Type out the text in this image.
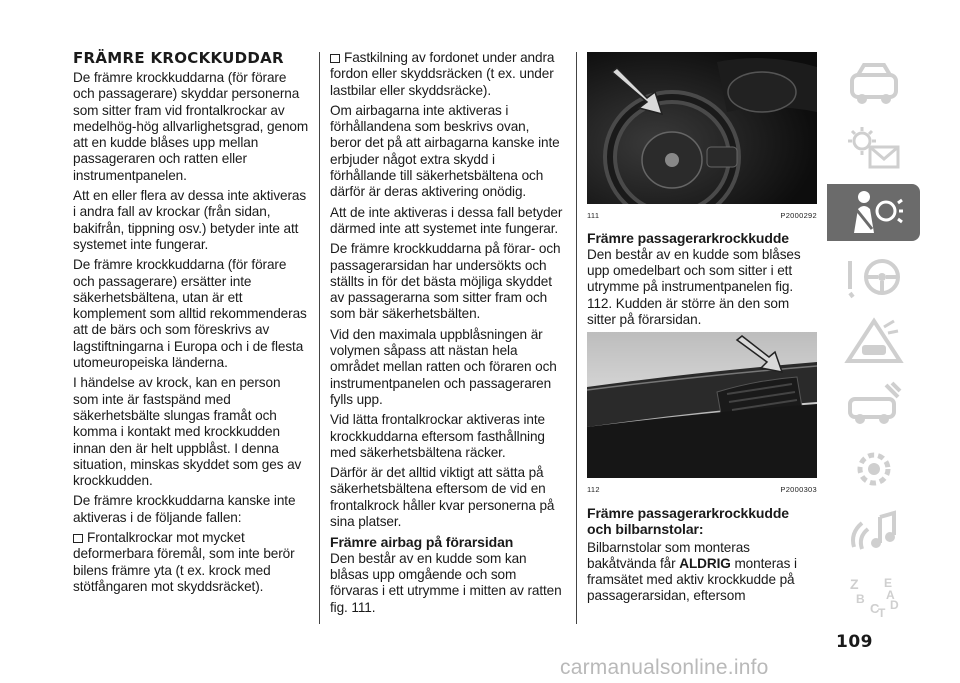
FRÄMRE KROCKKUDDAR

De främre krockkuddarna (för förare och passagerare) skyddar personerna som sitter fram vid frontalkrockar av medelhög-hög allvarlighetsgrad, genom att en kudde blåses upp mellan passageraren och ratten eller instrumentpanelen.

Att en eller flera av dessa inte aktiveras i andra fall av krockar (från sidan, bakifrån, tippning osv.) betyder inte att systemet inte fungerar.

De främre krockkuddarna (för förare och passagerare) ersätter inte säkerhetsbältena, utan är ett komplement som alltid rekommenderas att de bärs och som föreskrivs av lagstiftningarna i Europa och i de flesta utomeuropeiska länderna.

I händelse av krock, kan en person som inte är fastspänd med säkerhetsbälte slungas framåt och komma i kontakt med krockkudden innan den är helt uppblåst. I denna situation, minskas skyddet som ges av krockkudden.

De främre krockkuddarna kanske inte aktiveras i de följande fallen:

Frontalkrockar mot mycket deformerbara föremål, som inte berör bilens främre yta (t ex. krock med stötfångaren mot skyddsräcket).

Fastkilning av fordonet under andra fordon eller skyddsräcken (t ex. under lastbilar eller skyddsräcke).

Om airbagarna inte aktiveras i förhållandena som beskrivs ovan, beror det på att airbagarna kanske inte erbjuder något extra skydd i förhållande till säkerhetsbältena och därför är deras aktivering onödig.

Att de inte aktiveras i dessa fall betyder därmed inte att systemet inte fungerar.

De främre krockkuddarna på förar- och passagerarsidan har undersökts och ställts in för det bästa möjliga skyddet av passagerarna som sitter fram och som bär säkerhetsbälten.

Vid den maximala uppblåsningen är volymen såpass att nästan hela området mellan ratten och föraren och instrumentpanelen och passageraren fylls upp.

Vid lätta frontalkrockar aktiveras inte krockkuddarna eftersom fasthållning med säkerhetsbältena räcker.

Därför är det alltid viktigt att sätta på säkerhetsbältena eftersom de vid en frontalkrock håller kvar personerna på sina platser.

Främre airbag på förarsidan

Den består av en kudde som kan blåsas upp omgående och som förvaras i ett utrymme i mitten av ratten fig. 111.

111	P2000292
Främre passagerarkrockkudde

Den består av en kudde som blåses upp omedelbart och som sitter i ett utrymme på instrumentpanelen fig. 112. Kudden är större än den som sitter på förarsidan.

112	P2000303
Främre passagerarkrockkudde och bilbarnstolar:

Bilbarnstolar som monteras bakåtvända får ALDRIG monteras i framsätet med aktiv krockkudde på passagerarsidan, eftersom

Z E
B
C
T
D
A
109
carmanualsonline.info
